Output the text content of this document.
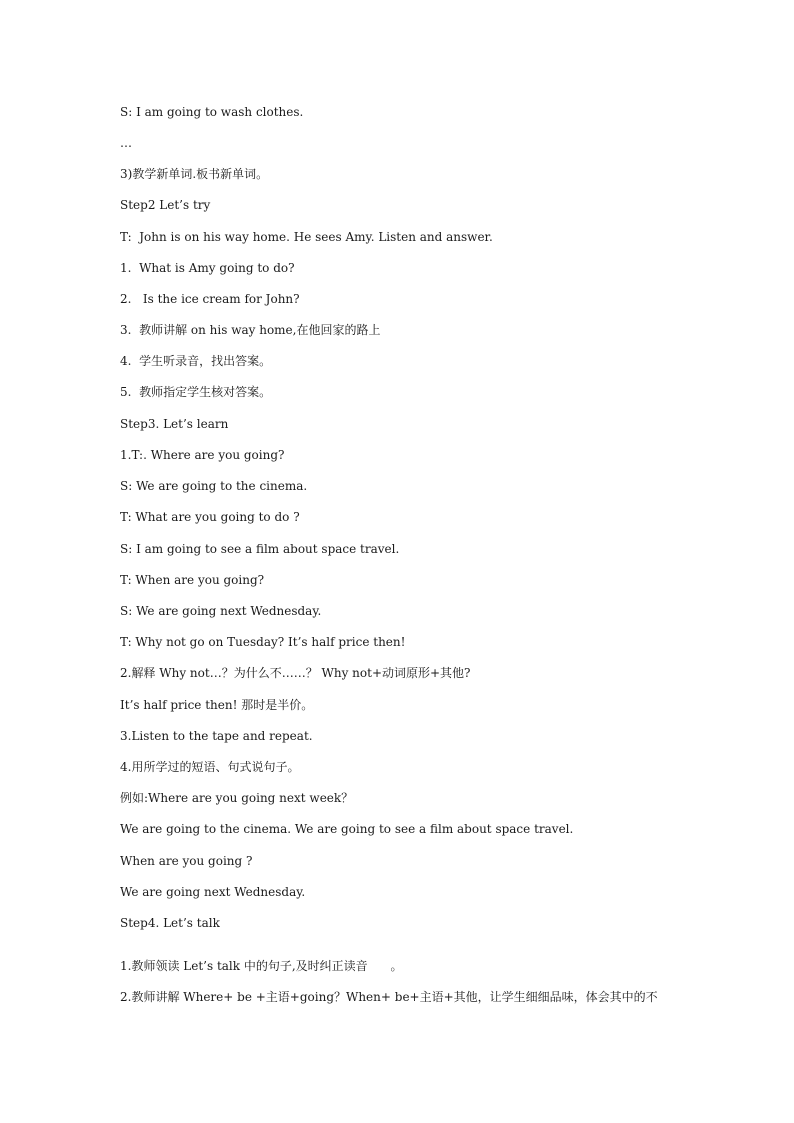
S: I am going to wash clothes.

…

3)教学新单词.板书新单词。

Step2 Let’s try

T:  John is on his way home. He sees Amy. Listen and answer.

1.  What is Amy going to do?

2.   Is the ice cream for John?

3.  教师讲解 on his way home,在他回家的路上

4.  学生听录音，找出答案。

5.  教师指定学生核对答案。

Step3. Let’s learn

1.T:. Where are you going?

S: We are going to the cinema.

T: What are you going to do ?

S: I am going to see a film about space travel.

T: When are you going?

S: We are going next Wednesday.

T: Why not go on Tuesday? It’s half price then!

2.解释 Why not…？为什么不……？ Why not+动词原形+其他?

It’s half price then! 那时是半价。

3.Listen to the tape and repeat.

4.用所学过的短语、句式说句子。

例如:Where are you going next week？

We are going to the cinema. We are going to see a film about space travel.

When are you going ?

We are going next Wednesday.

Step4. Let’s talk

1.教师领读 Let’s talk 中的句子,及时纠正读音      。

2.教师讲解 Where+ be +主语+going？When+ be+主语+其他，让学生细细品味，体会其中的不
